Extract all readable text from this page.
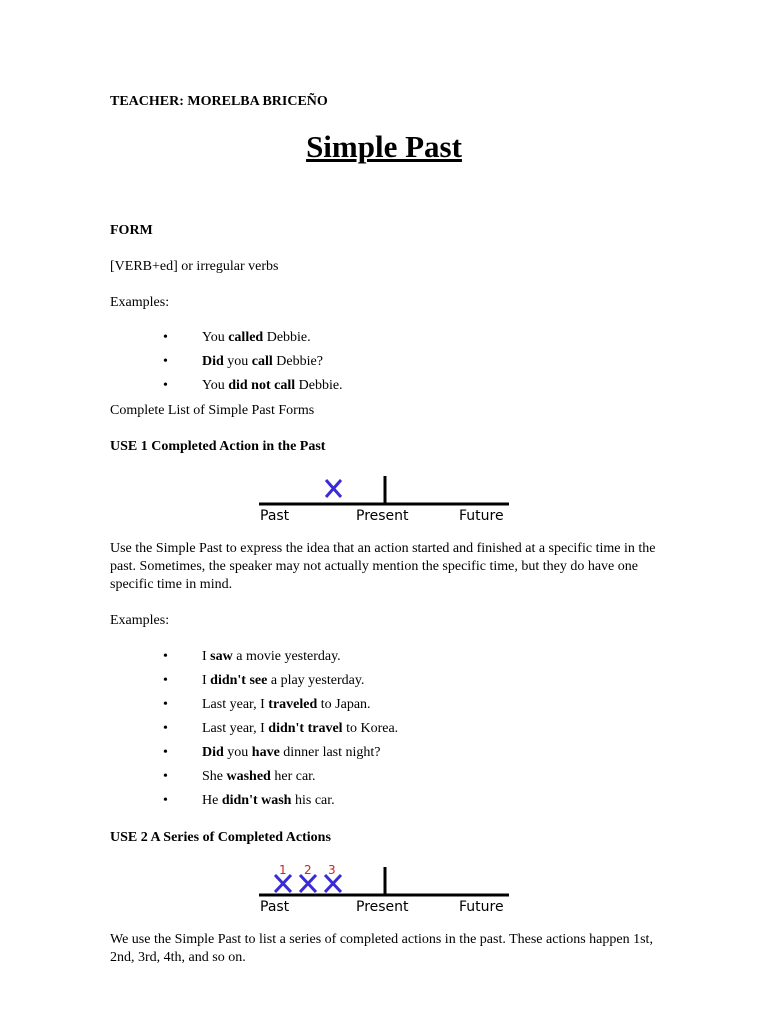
TEACHER: MORELBA BRICEÑO
Simple Past
FORM
[VERB+ed] or irregular verbs
Examples:
• You called Debbie.
• Did you call Debbie?
• You did not call Debbie.
Complete List of Simple Past Forms
USE 1 Completed Action in the Past
Past	Present	Future
Use the Simple Past to express the idea that an action started and finished at a specific time in the past. Sometimes, the speaker may not actually mention the specific time, but they do have one specific time in mind.
Examples:
• I saw a movie yesterday.
• I didn't see a play yesterday.
• Last year, I traveled to Japan.
• Last year, I didn't travel to Korea.
• Did you have dinner last night?
• She washed her car.
• He didn't wash his car.
USE 2 A Series of Completed Actions
1 2 3
Past	Present	Future
We use the Simple Past to list a series of completed actions in the past. These actions happen 1st, 2nd, 3rd, 4th, and so on.
